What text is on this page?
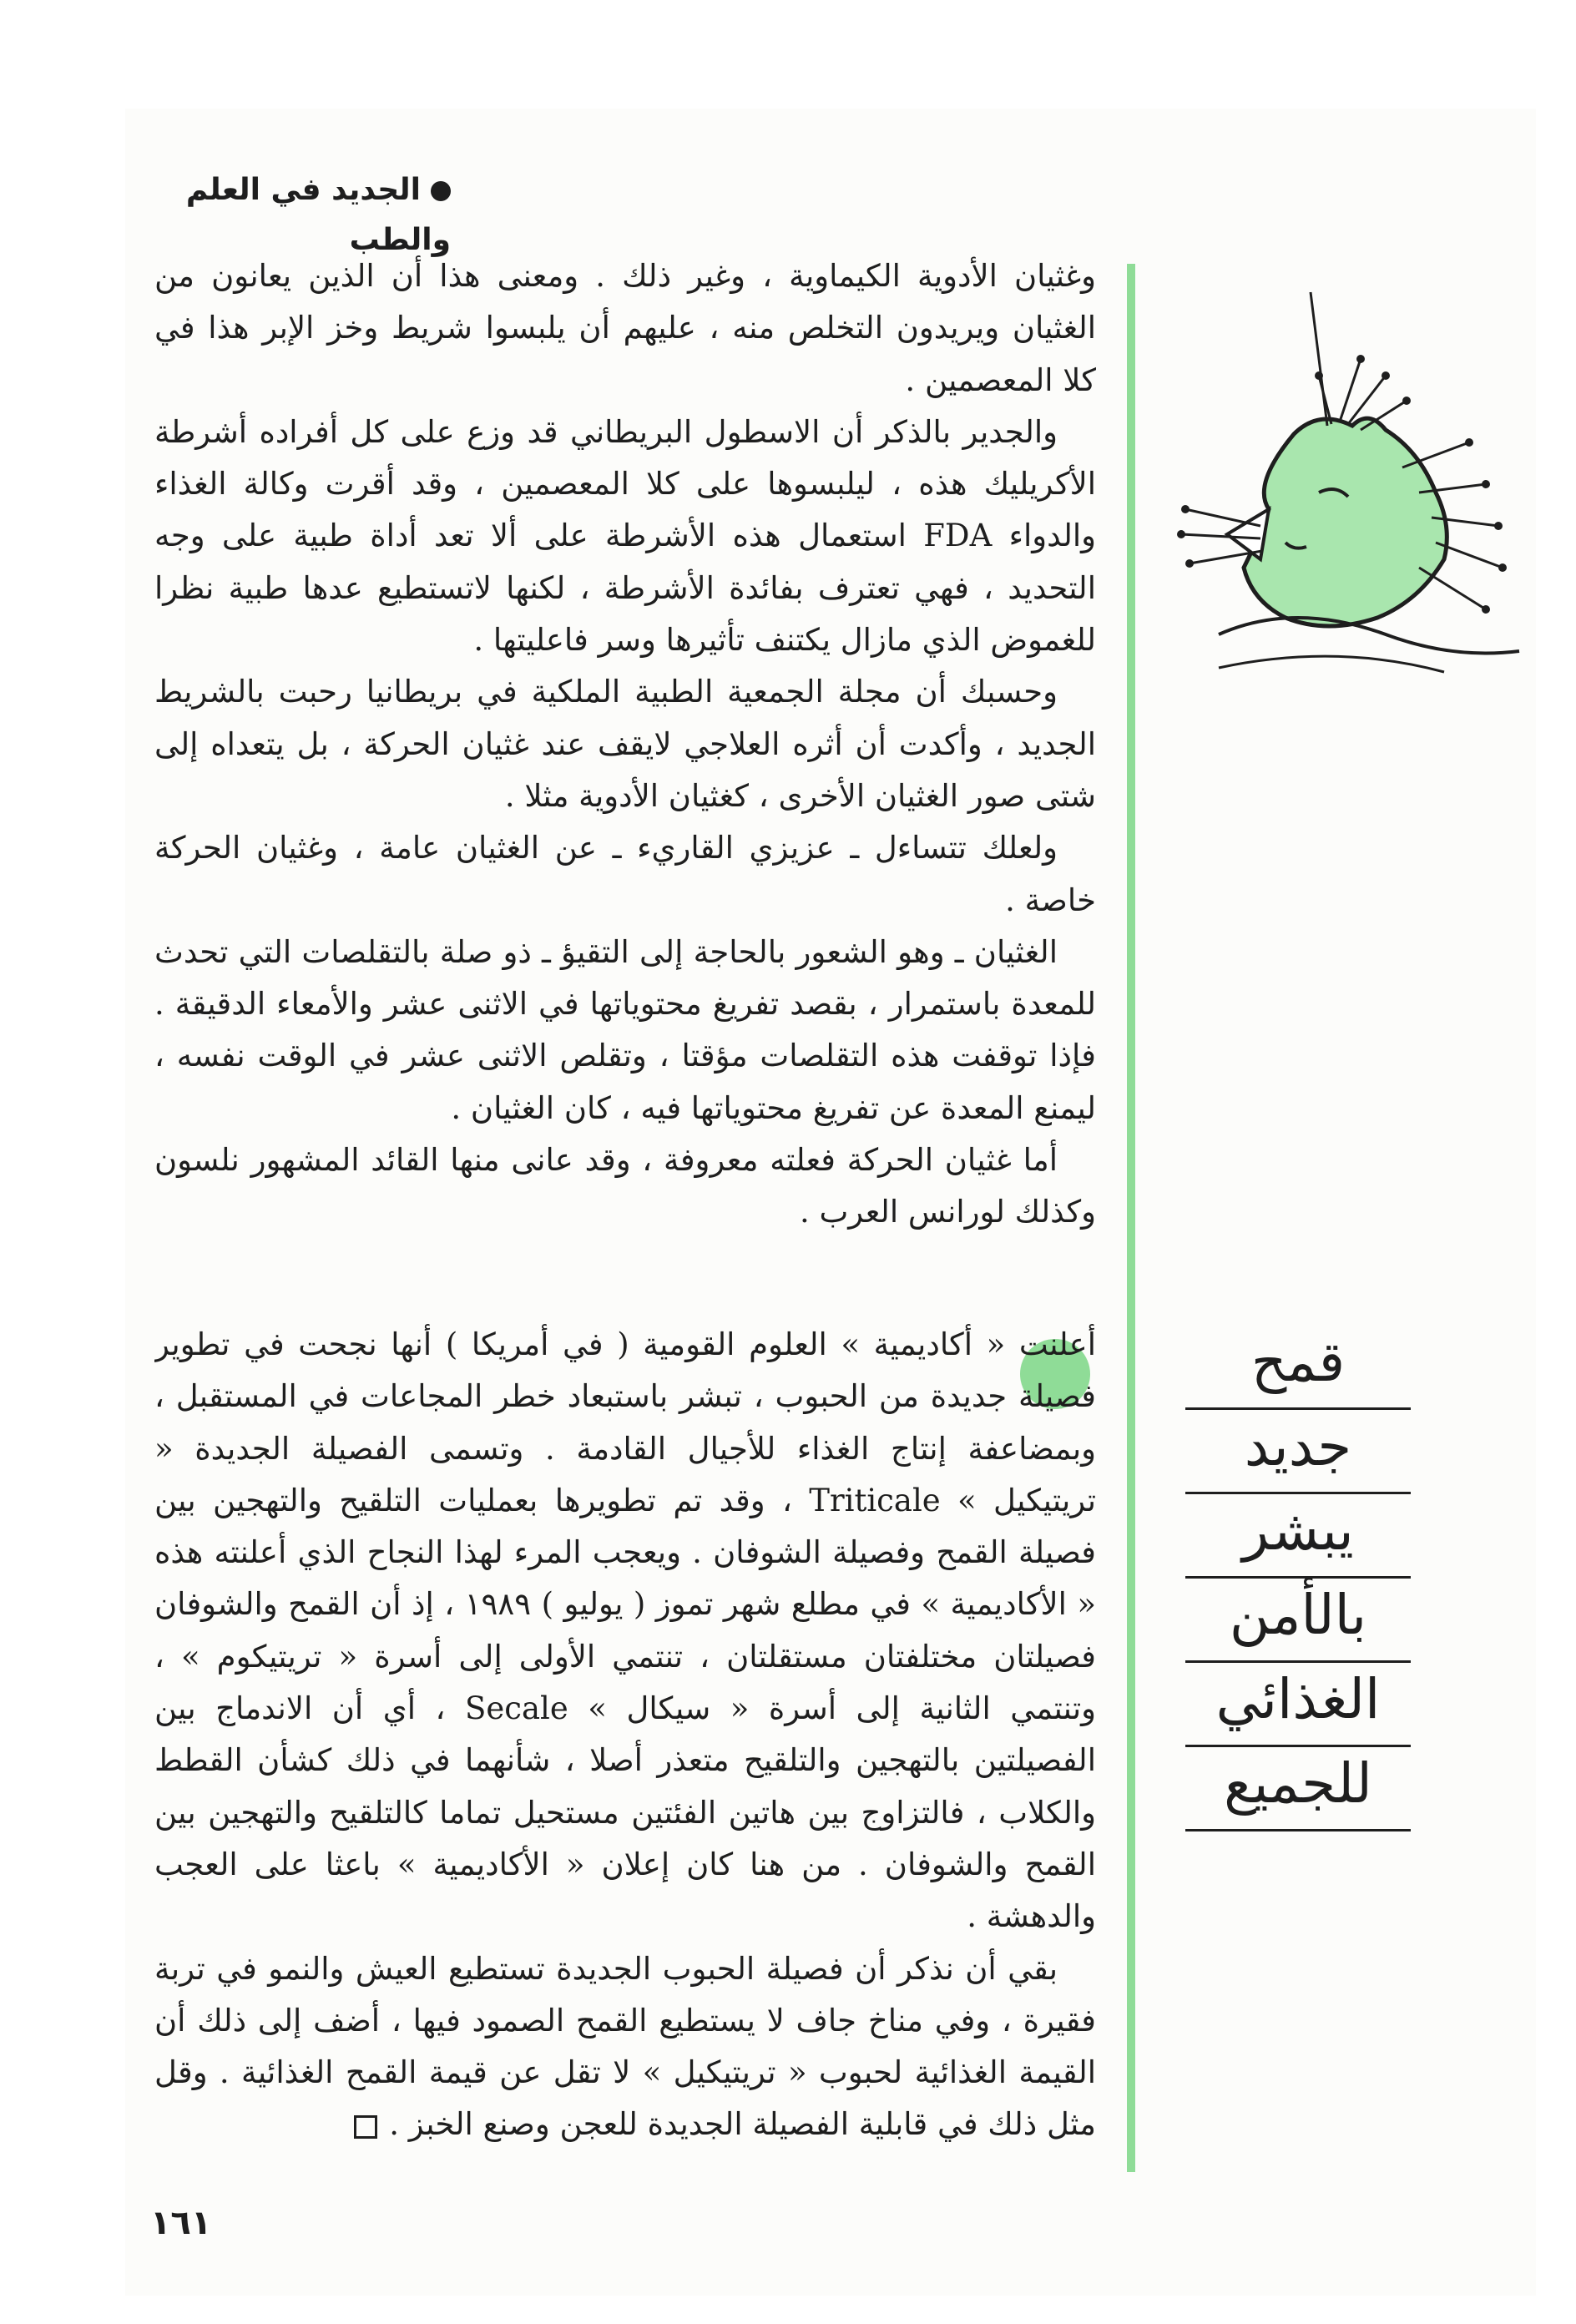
الجديد في العلم والطب

وغثيان الأدوية الكيماوية ، وغير ذلك . ومعنى هذا أن الذين يعانون من الغثيان ويريدون التخلص منه ، عليهم أن يلبسوا شريط وخز الإبر هذا في كلا المعصمين .

والجدير بالذكر أن الاسطول البريطاني قد وزع على كل أفراده أشرطة الأكريليك هذه ، ليلبسوها على كلا المعصمين ، وقد أقرت وكالة الغذاء والدواء FDA استعمال هذه الأشرطة على ألا تعد أداة طبية على وجه التحديد ، فهي تعترف بفائدة الأشرطة ، لكنها لاتستطيع عدها طبية نظرا للغموض الذي مازال يكتنف تأثيرها وسر فاعليتها .

وحسبك أن مجلة الجمعية الطبية الملكية في بريطانيا رحبت بالشريط الجديد ، وأكدت أن أثره العلاجي لايقف عند غثيان الحركة ، بل يتعداه إلى شتى صور الغثيان الأخرى ، كغثيان الأدوية مثلا .

ولعلك تتساءل ـ عزيزي القاريء ـ عن الغثيان عامة ، وغثيان الحركة خاصة .

الغثيان ـ وهو الشعور بالحاجة إلى التقيؤ ـ ذو صلة بالتقلصات التي تحدث للمعدة باستمرار ، بقصد تفريغ محتوياتها في الاثنى عشر والأمعاء الدقيقة . فإذا توقفت هذه التقلصات مؤقتا ، وتقلص الاثنى عشر في الوقت نفسه ، ليمنع المعدة عن تفريغ محتوياتها فيه ، كان الغثيان .

أما غثيان الحركة فعلته معروفة ، وقد عانى منها القائد المشهور نلسون وكذلك لورانس العرب .

أعلنت « أكاديمية » العلوم القومية ( في أمريكا ) أنها نجحت في تطوير فصيلة جديدة من الحبوب ، تبشر باستبعاد خطر المجاعات في المستقبل ، وبمضاعفة إنتاج الغذاء للأجيال القادمة . وتسمى الفصيلة الجديدة « تريتيكيل » Triticale ، وقد تم تطويرها بعمليات التلقيح والتهجين بين فصيلة القمح وفصيلة الشوفان . ويعجب المرء لهذا النجاح الذي أعلنته هذه « الأكاديمية » في مطلع شهر تموز ( يوليو ) ١٩٨٩ ، إذ أن القمح والشوفان فصيلتان مختلفتان مستقلتان ، تنتمي الأولى إلى أسرة « تريتيكوم » ، وتنتمي الثانية إلى أسرة « سيكال » Secale ، أي أن الاندماج بين الفصيلتين بالتهجين والتلقيح متعذر أصلا ، شأنهما في ذلك كشأن القطط والكلاب ، فالتزاوج بين هاتين الفئتين مستحيل تماما كالتلقيح والتهجين بين القمح والشوفان . من هنا كان إعلان « الأكاديمية » باعثا على العجب والدهشة .

بقي أن نذكر أن فصيلة الحبوب الجديدة تستطيع العيش والنمو في تربة فقيرة ، وفي مناخ جاف لا يستطيع القمح الصمود فيها ، أضف إلى ذلك أن القيمة الغذائية لحبوب « تريتيكيل » لا تقل عن قيمة القمح الغذائية . وقل مثل ذلك في قابلية الفصيلة الجديدة للعجن وصنع الخبز .

قمح
جديد
يبشر
بالأمن
الغذائي
للجميع
١٦١
